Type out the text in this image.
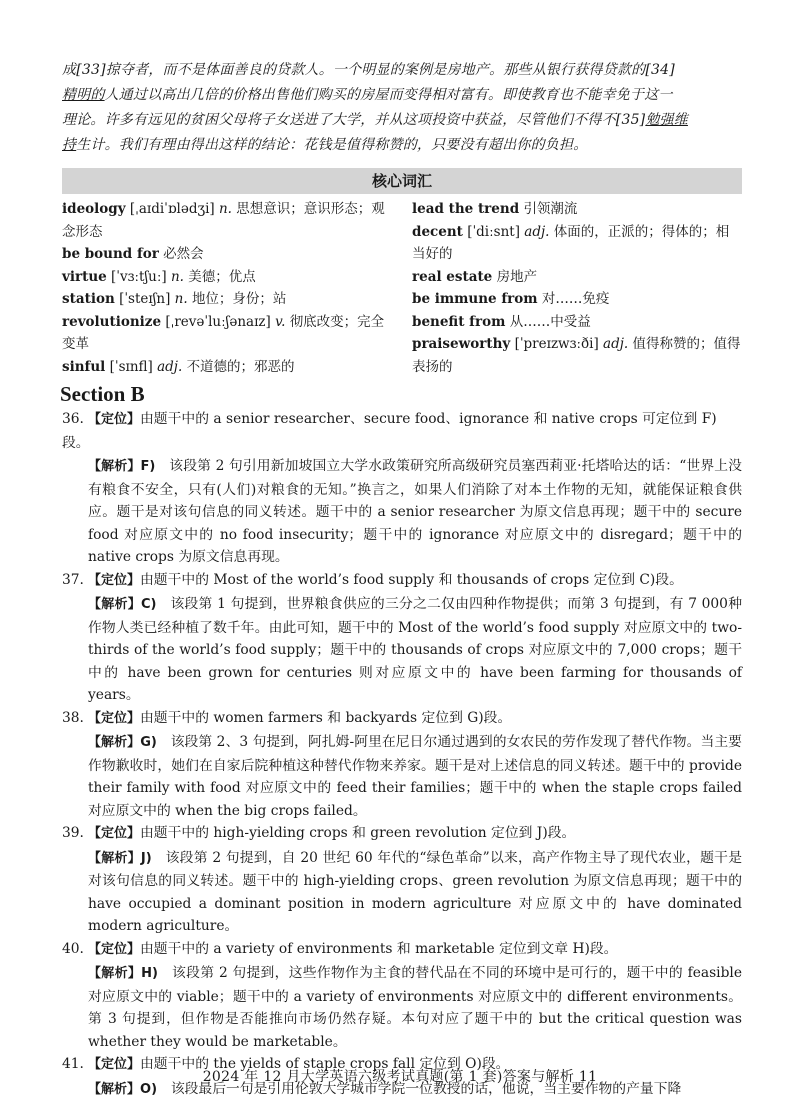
成[33]掠夺者，而不是体面善良的贷款人。一个明显的案例是房地产。那些从银行获得贷款的[34]
精明的人通过以高出几倍的价格出售他们购买的房屋而变得相对富有。即使教育也不能幸免于这一
理论。许多有远见的贫困父母将子女送进了大学，并从这项投资中获益，尽管他们不得不[35]勉强维
持生计。我们有理由得出这样的结论：花钱是值得称赞的，只要没有超出你的负担。
核心词汇
ideology [ˌaɪdiˈɒlədʒi] n. 思想意识；意识形态；观念形态
be bound for 必然会
virtue [ˈvɜːtʃuː] n. 美德；优点
station [ˈsteɪʃn] n. 地位；身份；站
revolutionize [ˌrevəˈluːʃənaɪz] v. 彻底改变；完全变革
sinful [ˈsɪnfl] adj. 不道德的；邪恶的
lead the trend 引领潮流
decent [ˈdiːsnt] adj. 体面的，正派的；得体的；相当好的
real estate 房地产
be immune from 对……免疫
benefit from 从……中受益
praiseworthy [ˈpreɪzwɜːði] adj. 值得称赞的；值得表扬的
Section B
36. 【定位】由题干中的 a senior researcher、secure food、ignorance 和 native crops 可定位到 F)段。
【解析】F)  该段第 2 句引用新加坡国立大学水政策研究所高级研究员塞西莉亚·托塔哈达的话：“世界上没有粮食不安全，只有(人们)对粮食的无知。”换言之，如果人们消除了对本土作物的无知，就能保证粮食供应。题干是对该句信息的同义转述。题干中的 a senior researcher 为原文信息再现；题干中的 secure food 对应原文中的 no food insecurity；题干中的 ignorance 对应原文中的 disregard；题干中的 native crops 为原文信息再现。
37. 【定位】由题干中的 Most of the world’s food supply 和 thousands of crops 定位到 C)段。
【解析】C)  该段第 1 句提到，世界粮食供应的三分之二仅由四种作物提供；而第 3 句提到，有 7 000种作物人类已经种植了数千年。由此可知，题干中的 Most of the world’s food supply 对应原文中的 two-thirds of the world’s food supply；题干中的 thousands of crops 对应原文中的 7,000 crops；题干中的 have been grown for centuries 则对应原文中的 have been farming for thousands of years。
38. 【定位】由题干中的 women farmers 和 backyards 定位到 G)段。
【解析】G)  该段第 2、3 句提到，阿扎姆-阿里在尼日尔通过遇到的女农民的劳作发现了替代作物。当主要作物歉收时，她们在自家后院种植这种替代作物来养家。题干是对上述信息的同义转述。题干中的 provide their family with food 对应原文中的 feed their families；题干中的 when the staple crops failed 对应原文中的 when the big crops failed。
39. 【定位】由题干中的 high-yielding crops 和 green revolution 定位到 J)段。
【解析】J)  该段第 2 句提到，自 20 世纪 60 年代的“绿色革命”以来，高产作物主导了现代农业，题干是对该句信息的同义转述。题干中的 high-yielding crops、green revolution 为原文信息再现；题干中的 have occupied a dominant position in modern agriculture 对应原文中的 have dominated modern agriculture。
40. 【定位】由题干中的 a variety of environments 和 marketable 定位到文章 H)段。
【解析】H)  该段第 2 句提到，这些作物作为主食的替代品在不同的环境中是可行的，题干中的 feasible 对应原文中的 viable；题干中的 a variety of environments 对应原文中的 different environments。第 3 句提到，但作物是否能推向市场仍然存疑。本句对应了题干中的 but the critical question was whether they would be marketable。
41. 【定位】由题干中的 the yields of staple crops fall 定位到 O)段。
【解析】O)  该段最后一句是引用伦敦大学城市学院一位教授的话，他说，当主要作物的产量下降
2024 年 12 月大学英语六级考试真题(第 1 套)答案与解析 11
